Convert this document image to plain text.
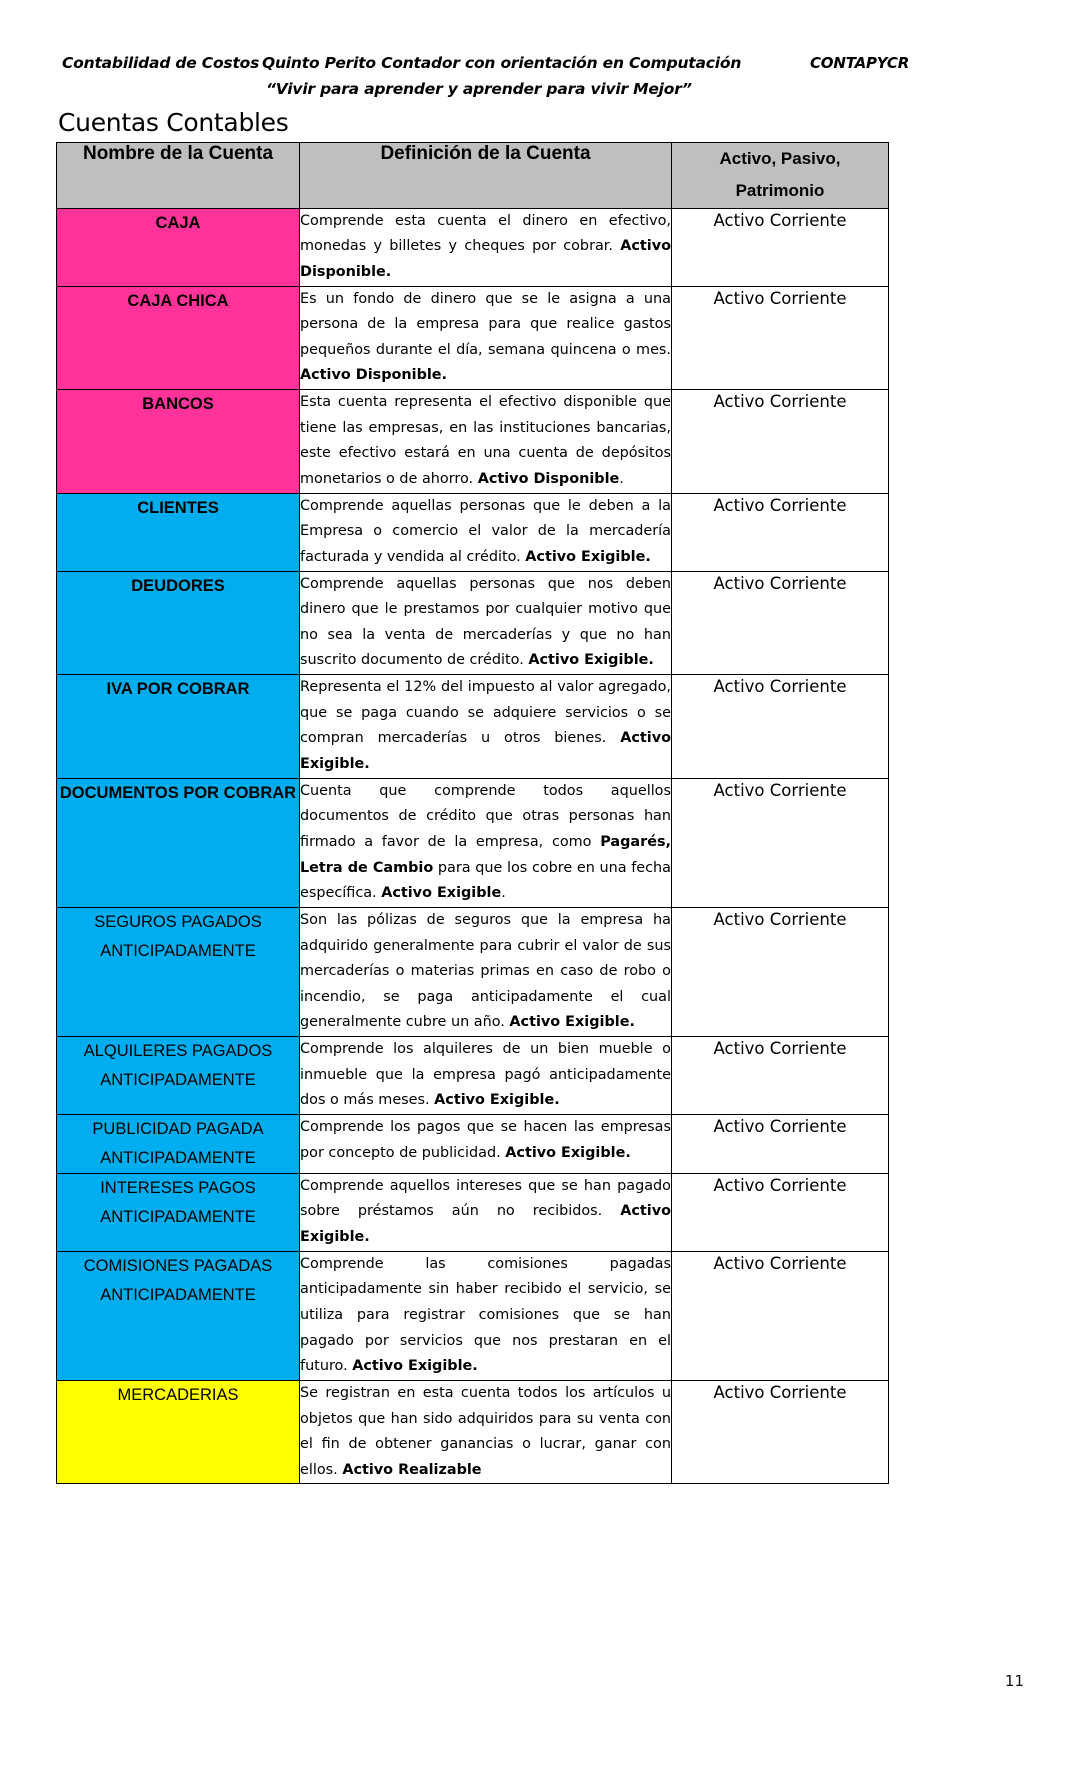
Contabilidad de Costos Quinto Perito Contador con orientación en Computación	CONTAPYCR
“Vivir para aprender y aprender para vivir Mejor”
Cuentas Contables
Nombre de la Cuenta	Definición de la Cuenta	Activo, Pasivo,
Patrimonio

CAJA	Comprende esta cuenta el dinero en efectivo, monedas y billetes y cheques por cobrar. Activo Disponible.	Activo Corriente
CAJA CHICA	Es un fondo de dinero que se le asigna a una persona de la empresa para que realice gastos pequeños durante el día, semana quincena o mes. Activo Disponible.	Activo Corriente
BANCOS	Esta cuenta representa el efectivo disponible que tiene las empresas, en las instituciones bancarias, este efectivo estará en una cuenta de depósitos monetarios o de ahorro. Activo Disponible.	Activo Corriente
CLIENTES	Comprende aquellas personas que le deben a la Empresa o comercio el valor de la mercadería facturada y vendida al crédito. Activo Exigible.	Activo Corriente
DEUDORES	Comprende aquellas personas que nos deben dinero que le prestamos por cualquier motivo que no sea la venta de mercaderías y que no han suscrito documento de crédito. Activo Exigible.	Activo Corriente
IVA POR COBRAR	Representa el 12% del impuesto al valor agregado, que se paga cuando se adquiere servicios o se compran mercaderías u otros bienes. Activo Exigible.	Activo Corriente
DOCUMENTOS POR COBRAR	Cuenta que comprende todos aquellos documentos de crédito que otras personas han firmado a favor de la empresa, como Pagarés, Letra de Cambio para que los cobre en una fecha específica. Activo Exigible.	Activo Corriente
SEGUROS PAGADOS ANTICIPADAMENTE	Son las pólizas de seguros que la empresa ha adquirido generalmente para cubrir el valor de sus mercaderías o materias primas en caso de robo o incendio, se paga anticipadamente el cual generalmente cubre un año. Activo Exigible.	Activo Corriente
ALQUILERES PAGADOS ANTICIPADAMENTE	Comprende los alquileres de un bien mueble o inmueble que la empresa pagó anticipadamente dos o más meses. Activo Exigible.	Activo Corriente
PUBLICIDAD PAGADA ANTICIPADAMENTE	Comprende los pagos que se hacen las empresas por concepto de publicidad. Activo Exigible.	Activo Corriente
INTERESES PAGOS ANTICIPADAMENTE	Comprende aquellos intereses que se han pagado sobre préstamos aún no recibidos. Activo Exigible.	Activo Corriente
COMISIONES PAGADAS ANTICIPADAMENTE	Comprende las comisiones pagadas anticipadamente sin haber recibido el servicio, se utiliza para registrar comisiones que se han pagado por servicios que nos prestaran en el futuro. Activo Exigible.	Activo Corriente
MERCADERIAS	Se registran en esta cuenta todos los artículos u objetos que han sido adquiridos para su venta con el fin de obtener ganancias o lucrar, ganar con ellos. Activo Realizable	Activo Corriente
11
